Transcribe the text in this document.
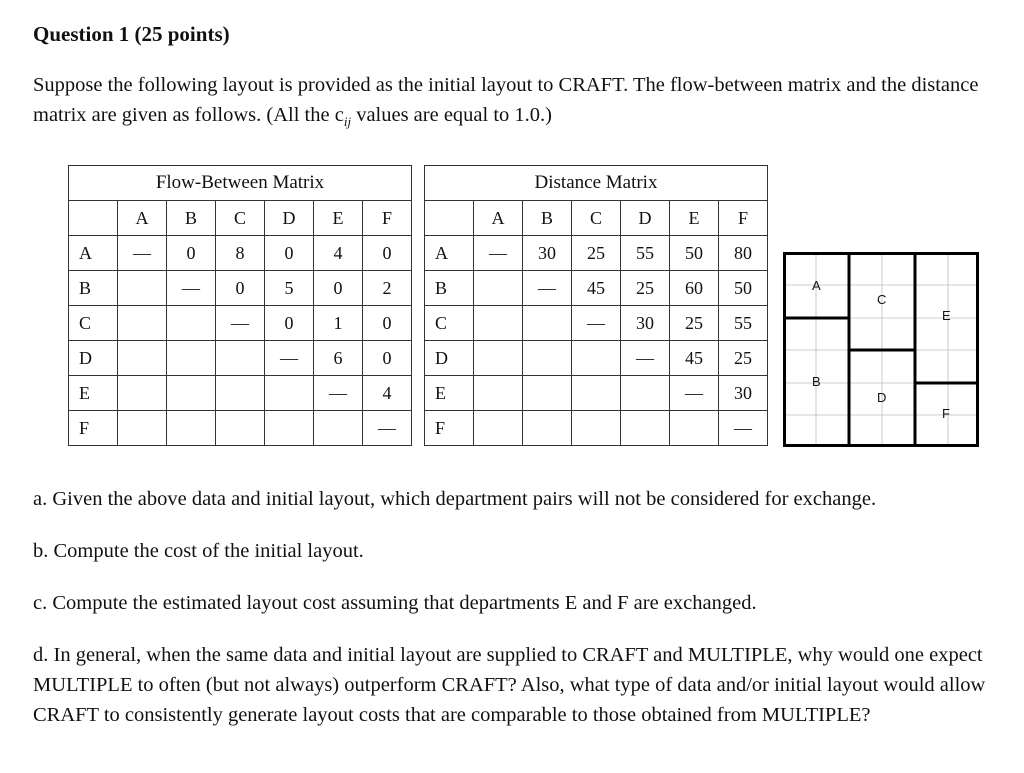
Question 1 (25 points)
Suppose the following layout is provided as the initial layout to CRAFT. The flow-between matrix and the distance matrix are given as follows. (All the $c_{ij}$ values are equal to 1.0.)
Flow-Between Matrix						
	A	B	C	D	E	F
A	—	0	8	0	4	0
B		—	0	5	0	2
C			—	0	1	0
D				—	6	0
E					—	4
F						—
Distance Matrix						
	A	B	C	D	E	F
A	—	30	25	55	50	80
B		—	45	25	60	50
C			—	30	25	55
D				—	45	25
E					—	30
F						—
A
B
C
D
E
F
a. Given the above data and initial layout, which department pairs will not be considered for exchange.
b. Compute the cost of the initial layout.
c. Compute the estimated layout cost assuming that departments E and F are exchanged.
d. In general, when the same data and initial layout are supplied to CRAFT and MULTIPLE, why would one expect MULTIPLE to often (but not always) outperform CRAFT? Also, what type of data and/or initial layout would allow CRAFT to consistently generate layout costs that are comparable to those obtained from MULTIPLE?
